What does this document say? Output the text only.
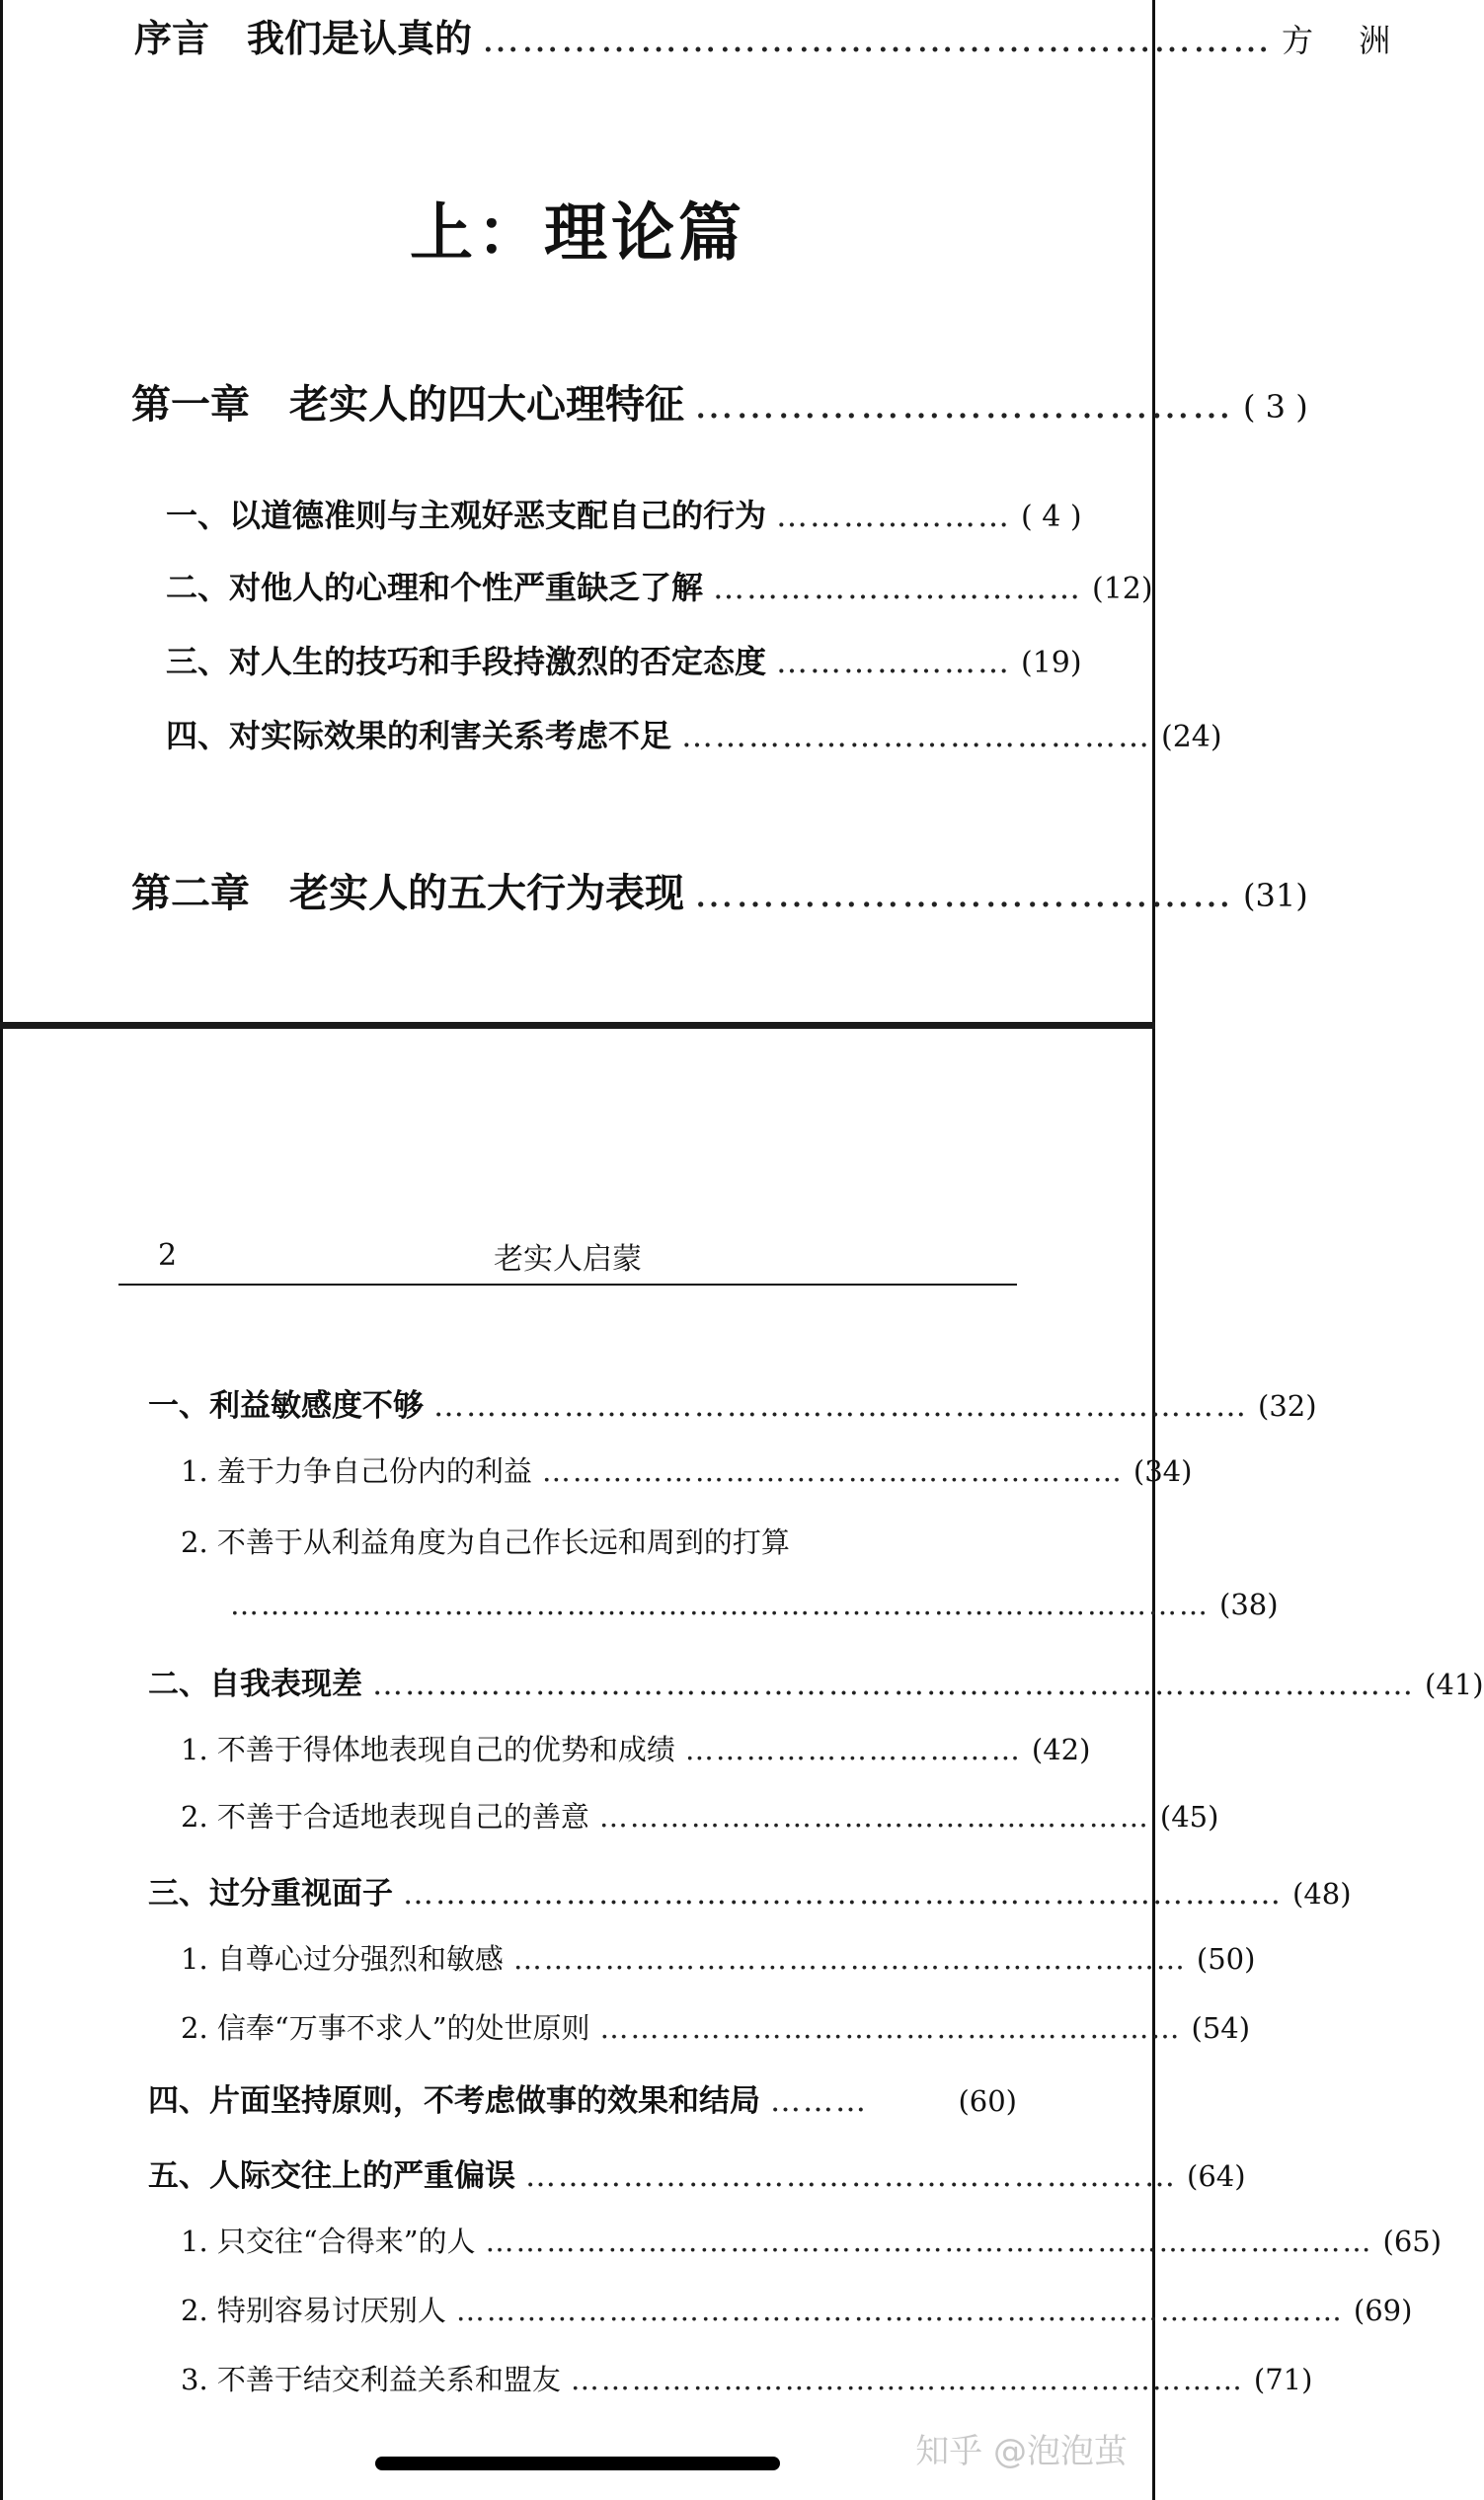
序言　我们是认真的 …………………………………………………… 方 洲
上：理论篇
第一章　老实人的四大心理特征 ………………………………… ( 3 )
一、以道德准则与主观好恶支配自己的行为 ………………… ( 4 )
二、对他人的心理和个性严重缺乏了解 …………………………… (12)
三、对人生的技巧和手段持激烈的否定态度 ………………… (19)
四、对实际效果的利害关系考虑不足 …………………………………… (24)
第二章　老实人的五大行为表现 ………………………………… (31)
2	老实人启蒙
一、利益敏感度不够 ………………………………………………………………… (32)
1. 羞于力争自己份内的利益 ………………………………………………… (34)
2. 不善于从利益角度为自己作长远和周到的打算
…………………………………………………………………………………… (38)
二、自我表现差 …………………………………………………………………………………… (41)
1. 不善于得体地表现自己的优势和成绩 …………………………… (42)
2. 不善于合适地表现自己的善意 ……………………………………………… (45)
三、过分重视面子 ……………………………………………………………………… (48)
1. 自尊心过分强烈和敏感 ………………………………………………………… (50)
2. 信奉“万事不求人”的处世原则 ………………………………………………… (54)
四、片面坚持原则，不考虑做事的效果和结局 ………	(60)
五、人际交往上的严重偏误 …………………………………………………… (64)
1. 只交往“合得来”的人 …………………………………………………………………………… (65)
2. 特别容易讨厌别人 …………………………………………………………………………… (69)
3. 不善于结交利益关系和盟友 ………………………………………………………… (71)
知乎 @泡泡茧
